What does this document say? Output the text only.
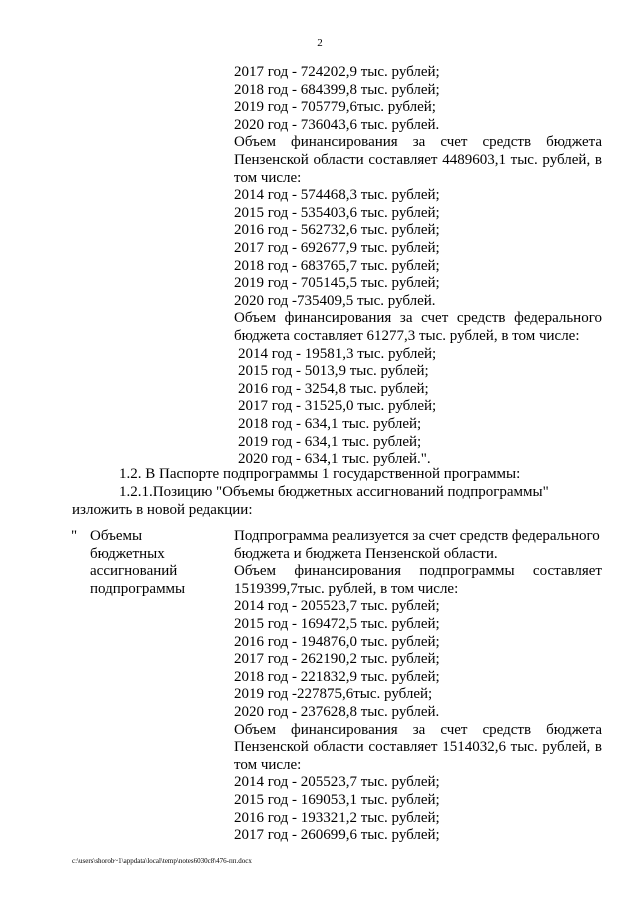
2
2017 год - 724202,9 тыс. рублей;
2018 год - 684399,8 тыс. рублей;
2019 год - 705779,6тыс. рублей;
2020 год - 736043,6 тыс. рублей.
Объем финансирования за счет средств бюджета
Пензенской области составляет 4489603,1 тыс. рублей, в
том числе:
2014 год - 574468,3 тыс. рублей;
2015 год - 535403,6 тыс. рублей;
2016 год - 562732,6 тыс. рублей;
2017 год - 692677,9 тыс. рублей;
2018 год - 683765,7 тыс. рублей;
2019 год - 705145,5 тыс. рублей;
2020 год -735409,5 тыс. рублей.
Объем финансирования за счет средств федерального
бюджета составляет 61277,3 тыс. рублей, в том числе:
2014 год - 19581,3 тыс. рублей;
2015 год - 5013,9 тыс. рублей;
2016 год - 3254,8 тыс. рублей;
2017 год - 31525,0 тыс. рублей;
2018 год - 634,1 тыс. рублей;
2019 год - 634,1 тыс. рублей;
2020 год - 634,1 тыс. рублей.".
1.2. В Паспорте подпрограммы 1 государственной программы:
1.2.1.Позицию "Объемы бюджетных ассигнований подпрограммы"
изложить в новой редакции:
" Объемы
бюджетных
ассигнований
подпрограммы
Подпрограмма реализуется за счет средств федерального
бюджета и бюджета Пензенской области.
Объем финансирования подпрограммы составляет
1519399,7тыс. рублей, в том числе:
2014 год - 205523,7 тыс. рублей;
2015 год - 169472,5 тыс. рублей;
2016 год - 194876,0 тыс. рублей;
2017 год - 262190,2 тыс. рублей;
2018 год - 221832,9 тыс. рублей;
2019 год -227875,6тыс. рублей;
2020 год - 237628,8 тыс. рублей.
Объем финансирования за счет средств бюджета
Пензенской области составляет 1514032,6 тыс. рублей, в
том числе:
2014 год - 205523,7 тыс. рублей;
2015 год - 169053,1 тыс. рублей;
2016 год - 193321,2 тыс. рублей;
2017 год - 260699,6 тыс. рублей;
c:\users\shorob~1\appdata\local\temp\notes6030c8\476-пп.docx
